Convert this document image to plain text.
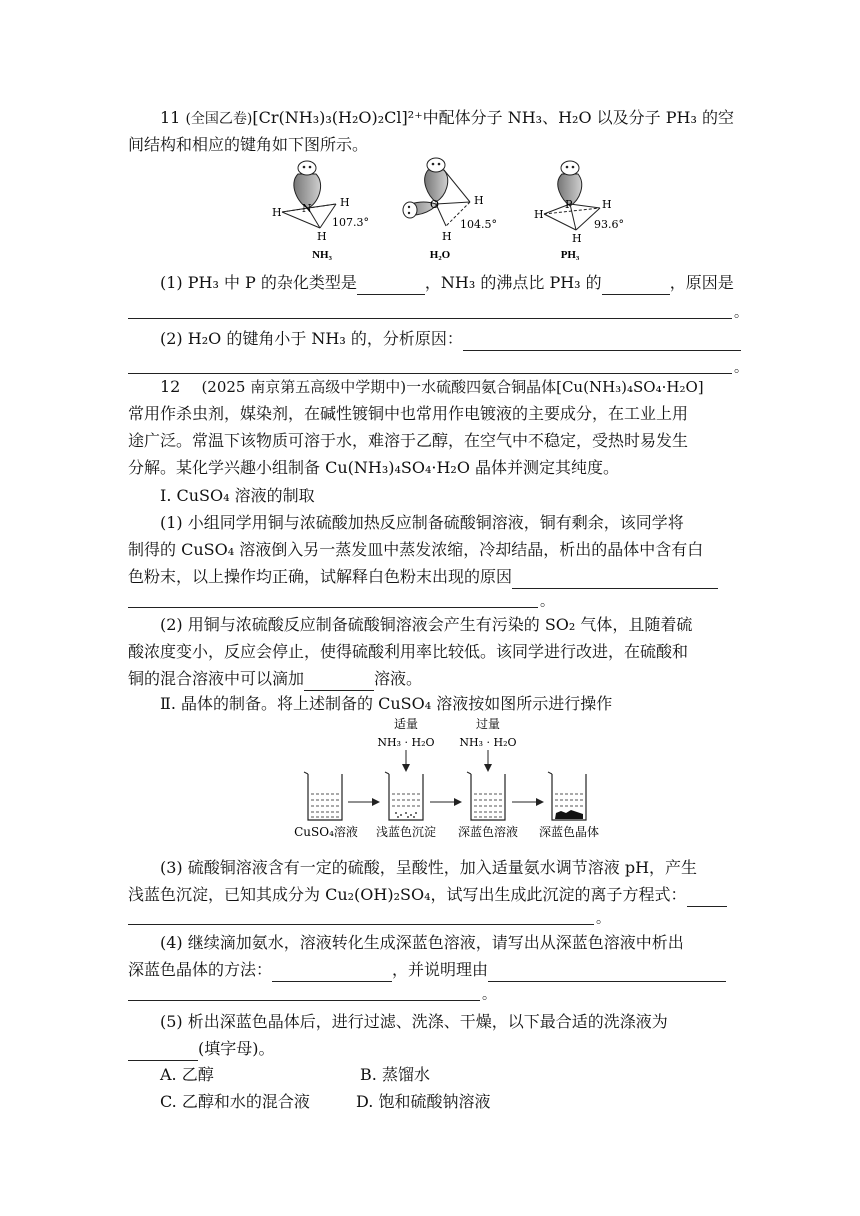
11 (全国乙卷)[Cr(NH₃)₃(H₂O)₂Cl]²⁺中配体分子 NH₃、H₂O 以及分子 PH₃ 的空
间结构和相应的键角如下图所示。
N
H
H
H
107.3°
NH₃
O	H
H
104.5°
H₂O
P
H
H
H
93.6°
PH₃
(1) PH₃ 中 P 的杂化类型是	，NH₃ 的沸点比 PH₃ 的	，原因是
。
(2) H₂O 的键角小于 NH₃ 的，分析原因：
。
12 (2025 南京第五高级中学期中)一水硫酸四氨合铜晶体[Cu(NH₃)₄SO₄·H₂O]
常用作杀虫剂，媒染剂，在碱性镀铜中也常用作电镀液的主要成分，在工业上用
途广泛。常温下该物质可溶于水，难溶于乙醇，在空气中不稳定，受热时易发生
分解。某化学兴趣小组制备 Cu(NH₃)₄SO₄·H₂O 晶体并测定其纯度。
Ⅰ. CuSO₄ 溶液的制取
(1) 小组同学用铜与浓硫酸加热反应制备硫酸铜溶液，铜有剩余，该同学将
制得的 CuSO₄ 溶液倒入另一蒸发皿中蒸发浓缩，冷却结晶，析出的晶体中含有白
色粉末，以上操作均正确，试解释白色粉末出现的原因
。
(2) 用铜与浓硫酸反应制备硫酸铜溶液会产生有污染的 SO₂ 气体，且随着硫
酸浓度变小，反应会停止，使得硫酸利用率比较低。该同学进行改进，在硫酸和
铜的混合溶液中可以滴加	溶液。
Ⅱ. 晶体的制备。将上述制备的 CuSO₄ 溶液按如图所示进行操作
适量
NH₃ · H₂O
过量
NH₃ · H₂O
CuSO₄溶液 浅蓝色沉淀 深蓝色溶液 深蓝色晶体
(3) 硫酸铜溶液含有一定的硫酸，呈酸性，加入适量氨水调节溶液 pH，产生
浅蓝色沉淀，已知其成分为 Cu₂(OH)₂SO₄，试写出生成此沉淀的离子方程式：
。
(4) 继续滴加氨水，溶液转化生成深蓝色溶液，请写出从深蓝色溶液中析出
深蓝色晶体的方法：	，并说明理由
。
(5) 析出深蓝色晶体后，进行过滤、洗涤、干燥，以下最合适的洗涤液为
(填字母)。
A. 乙醇	B. 蒸馏水
C. 乙醇和水的混合液	D. 饱和硫酸钠溶液
